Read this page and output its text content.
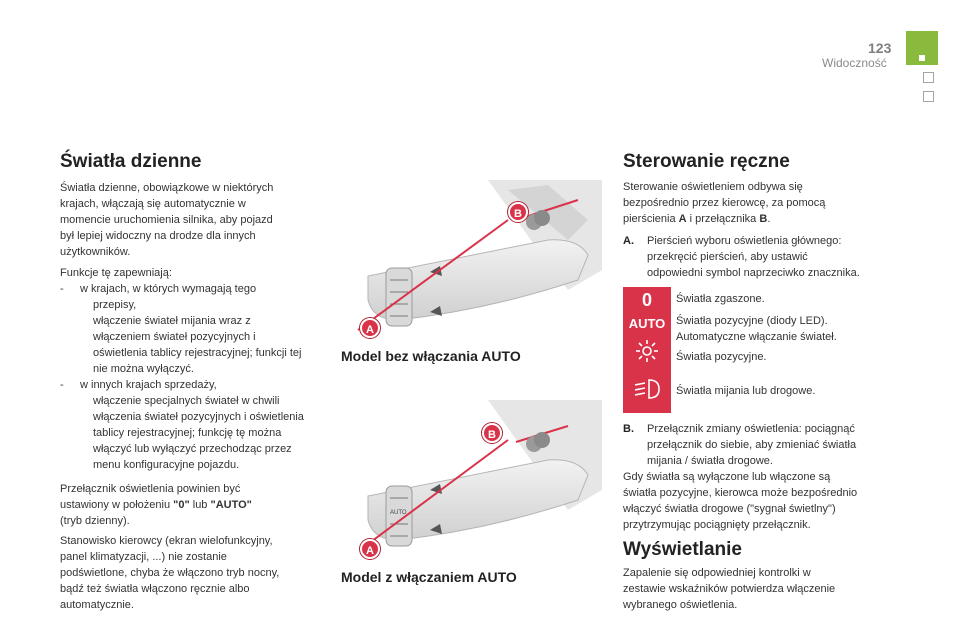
123
Widoczność
Światła dzienne
Światła dzienne, obowiązkowe w niektórych
krajach, włączają się automatycznie w
momencie uruchomienia silnika, aby pojazd
był lepiej widoczny na drodze dla innych
użytkowników.
Funkcje tę zapewniają:
- w krajach, w których wymagają tego
przepisy,
włączenie świateł mijania wraz z
włączeniem świateł pozycyjnych i
oświetlenia tablicy rejestracyjnej; funkcji tej
nie można wyłączyć.
- w innych krajach sprzedaży,
włączenie specjalnych świateł w chwili
włączenia świateł pozycyjnych i oświetlenia
tablicy rejestracyjnej; funkcję tę można
włączyć lub wyłączyć przechodząc przez
menu konfiguracyjne pojazdu.
Przełącznik oświetlenia powinien być
ustawiony w położeniu "0" lub "AUTO"
(tryb dzienny).
Stanowisko kierowcy (ekran wielofunkcyjny,
panel klimatyzacji, ...) nie zostanie
podświetlone, chyba że włączono tryb nocny,
bądź też światła włączono ręcznie albo
automatycznie.
B
A
Model bez włączania AUTO
AUTO
B
A
Model z włączaniem AUTO
Sterowanie ręczne
Sterowanie oświetleniem odbywa się
bezpośrednio przez kierowcę, za pomocą
pierścienia A i przełącznika B.
A. Pierścień wyboru oświetlenia głównego:
przekręcić pierścień, aby ustawić
odpowiedni symbol naprzeciwko znacznika.
0
AUTO
Światła zgaszone.
Światła pozycyjne (diody LED).
Automatyczne włączanie świateł.
Światła pozycyjne.
Światła mijania lub drogowe.
B. Przełącznik zmiany oświetlenia: pociągnąć
przełącznik do siebie, aby zmieniać światła
mijania / światła drogowe.
Gdy światła są wyłączone lub włączone są
światła pozycyjne, kierowca może bezpośrednio
włączyć światła drogowe ("sygnał świetlny")
przytrzymując pociągnięty przełącznik.
Wyświetlanie
Zapalenie się odpowiedniej kontrolki w
zestawie wskaźników potwierdza włączenie
wybranego oświetlenia.
